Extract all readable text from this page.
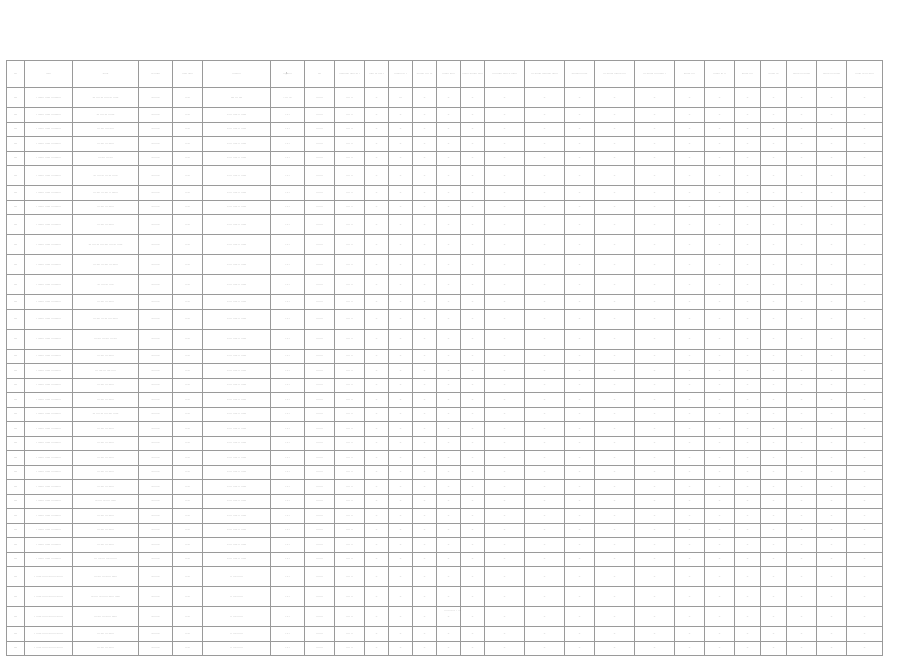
····	······	·······	··· ·······	······ ······	··········	···/······	····	············ ······ ··· ·	······ ··· ····· ·	········· ··· ·	········· ·· ·· ···	········ ······	········ ········· ······	··· ········ ······ ·· ·······	··· ········ ··········· ·······	············ ······	··· ········ ········· ····	··· ········ ··· ········ ·	········ ··· ·	········ ··· ··	········ ··· ·	········ ···	········ ··· ········	········ ··· ········	······· ··· ··· ······
····	· ······· ······ ···········	··· ···· ··· ····· ··· ······	·········	·· ···	···· ··· ····	· ··· ···	·······	···· ··	··	···	··	··	··	··	··	··	··	··	··	··	··	··	··	··	··
····	· ······· ······ ···········	··· ···· ··· ·······	·········	·· ···	·· ··· ····· ·· ······	· ·· ·	·······	···· ··	··	··	··	··	··	··	··	··	··	··	··	··	··	··	··	··	··
····	· ······· ······ ···········	··· ···· ···· ·····	·········	·· ···	·· ··· ····· ·· ······	· ·· ·	·······	···· ··	··	··	··	··	··	··	··	··	··	··	··	··	··	··	··	··	··
····	· ······· ······ ···········	··· ···· ··· ······	·········	·· ···	·· ··· ····· ·· ······	· ·· ·	·······	···· ··	··	··	··	··	··	··	··	··	··	··	··	··	··	··	··	··	··
····	· ······· ······ ···········	··· ···· ··· ····	·········	·· ···	·· ··· ····· ·· ······	· ·· ·	·······	···· ··	··	··	··	··	··	··	··	··	··	··	··	··	··	··	··	··	··
····	· ······· ······ ···········	··· ···· ··· ··· ··· ······	·········	·· ···	·· ··· ····· ·· ······	· ·· ·	·······	···· ··	··	··	··	··	··	··	··	··	··	··	··	··	··	··	··	··	··
····	· ······· ······ ···········	··· ···· ··· ···· ·· ·······	·········	·· ···	·· ··· ····· ·· ······	· ·· ·	·······	···· ··	··	··	··	··	··	··	··	··	··	··	··	··	··	··	··	··	··
····	· ······· ······ ···········	··· ···· ··· ······	·········	·· ···	·· ··· ····· ·· ······	· ·· ·	·······	···· ··	··	··	··	··	··	··	··	··	··	··	··	··	··	··	··	··	··
····	· ······· ······ ···········	··· ···· ··· ······	·········	·· ···	·· ··· ····· ·· ······	· ·· ·	·······	···· ··	··	··	··	··	··	··	··	··	··	··	··	··	··	··	··	··	··
····	· ······· ······ ···········	··· ···· ··· ···· ···· ···· ··· ······	·········	·· ···	·· ··· ····· ·· ······	· ·· ·	·······	···· ··	··	··	··	··	··	··	··	··	··	··	··	··	··	··	··	··	··
····	· ······· ······ ···········	··· ···· ··· ···· ··· ······	·········	·· ···	·· ··· ····· ·· ······	· ·· ·	·······	···· ··	··	··	··	··	··	··	··	··	··	··	··	··	··	··	··	··	··
····	· ······· ······ ···········	··· ···· ··· ·····	·········	·· ···	·· ··· ····· ·· ······	· ·· ·	·······	···· ··	··	··	··	··	··	··	··	··	··	··	··	··	··	··	··	··	··
····	· ······· ······ ···········	··· ···· ··· ······	·········	·· ···	·· ··· ····· ·· ······	· ·· ·	·······	···· ··	··	··	··	··	··	··	··	··	··	··	··	··	··	··	··	··	··
····	· ······· ······ ···········	··· ···· ··· ··· ···· ······	·········	·· ···	·· ··· ····· ·· ······	· ·· ·	·······	···· ··	··	··	··	··	··	··	··	··	··	··	··	··	··	··	··	··	··
····	· ······· ······ ···········	··· ···· ··· ···· ··· ····	·········	·· ···	·· ··· ····· ·· ······	· ·· ·	·······	···· ··	··	··	··	··	··	··	··	··	··	··	··	··	··	··	··	··	··
····	· ······· ······ ···········	··· ···· ··· ······	·········	·· ···	·· ··· ····· ·· ······	· ·· ·	·······	···· ··	··	··	··	··	··	··	··	··	··	··	··	··	··	··	··	··	··
····	· ······· ······ ···········	··· ···· ··· ···· ·····	·········	·· ···	·· ··· ····· ·· ······	· ·· ·	·······	···· ··	··	··	··	··	··	··	··	··	··	··	··	··	··	··	··	··	··
····	· ······· ······ ···········	··· ···· ··· ······	·········	·· ···	·· ··· ····· ·· ······	· ·· ·	·······	···· ··	··	··	··	··	··	··	··	··	··	··	··	··	··	··	··	··	··
····	· ······· ······ ···········	··· ···· ··· ······	·········	·· ···	·· ··· ····· ·· ······	· ·· ·	·······	···· ··	··	··	··	··	··	··	··	··	··	··	··	··	··	··	··	··	··
····	· ······· ······ ···········	··· ···· ··· ···· ···· ······	·········	·· ···	·· ··· ····· ·· ······	· ·· ·	·······	···· ··	··	··	··	··	··	··	··	··	··	··	··	··	··	··	··	··	··
····	· ······· ······ ···········	··· ···· ··· ······	·········	·· ···	·· ··· ····· ·· ······	· ·· ·	·······	···· ··	··	··	··	··	··	··	··	··	··	··	··	··	··	··	··	··	··
····	· ······· ······ ···········	··· ···· ··· ······	·········	·· ···	·· ··· ····· ·· ······	· ·· ·	·······	···· ··	··	··	··	··	··	··	··	··	··	··	··	··	··	··	··	··	··
····	· ······· ······ ···········	··· ···· ··· ······	·········	·· ···	·· ··· ····· ·· ······	· ·· ·	·······	···· ··	··	··	··	··	··	··	··	··	··	··	··	··	··	··	··	··	··
····	· ······· ······ ···········	··· ···· ··· ······	·········	·· ···	·· ··· ····· ·· ······	· ·· ·	·······	···· ··	··	··	··	··	··	··	··	··	··	··	··	··	··	··	··	··	··
····	· ······· ······ ···········	··· ···· ··· ······	·········	·· ···	·· ··· ····· ·· ······	· ·· ·	·······	···· ··	··	··	··	··	··	··	··	··	··	··	··	··	··	··	··	··	··
····	· ······· ······ ···········	··· ···· ··· ···· ······	·········	·· ···	·· ··· ····· ·· ······	· ·· ·	·······	···· ··	··	··	··	··	··	··	··	··	··	··	··	··	··	··	··	··	··
····	· ······· ······ ···········	··· ···· ··· ······	·········	·· ···	·· ··· ····· ·· ······	· ·· ·	·······	···· ··	··	··	··	··	··	··	··	··	··	··	··	··	··	··	··	··	··
····	· ······· ······ ···········	··· ···· ··· ······	·········	·· ···	·· ··· ····· ·· ······	· ·· ·	·······	···· ··	··	··	··	··	··	··	··	··	··	··	··	··	··	··	··	··	··
····	· ······· ······ ···········	··· ···· ··· ······	·········	·· ···	·· ··· ····· ·· ······	· ·· ·	·······	···· ··	··	··	··	··	··	··	··	··	··	··	··	··	··	··	··	··	··
····	· ······· ······ ···········	··· ···· ··· ···· ·······	·········	·· ···	·· ··· ····· ·· ······	· ·· ·	·······	···· ··	··	··	··	··	··	··	··	··	··	··	··	··	··	··	··	··	··
····	· ······ ······ ········ ·······	··· ···· ··· ······ ······	·········	·· ···	·· ···· ······	· ·· ·	·······	···· ··	··	··	··	··	··	··	··	··	··	··	··	··	··	··	··	··	··
····	· ······ ······ ········ ·······	··· ···· ··· ······ ······ ······	·········	·· ···	·· ···· ······	· ·· ·	·······	···· ··	··	··	··	··	··	··	··	··	··	··	··	··	··	··	··	··	··
····	· ······ ······ ········ ·······	··· ···· ··· ······ ······	·········	·· ···	·· ···· ······	· ·· ·	·······	···· ··	··	··	··	··	··	··	··	··	··	··	··	··	··	··	··	··	··
····	· ······ ······ ········ ·······	··· ···· ··· ······	·········	·· ···	·· ···· ······	· ·· ·	·······	···· ··	··	··	··	··	··	··	··	··	··	··	··	··	··	··	··	··	··
····	· ······ ······ ········ ·······	··· ···· ··· ······	·········	·· ···	·· ···· ······	· ·· ·	·······	···· ··	··	··	··	··	··	··	··	··	··	··	··	··	··	··	··	··	··
············ · ···
